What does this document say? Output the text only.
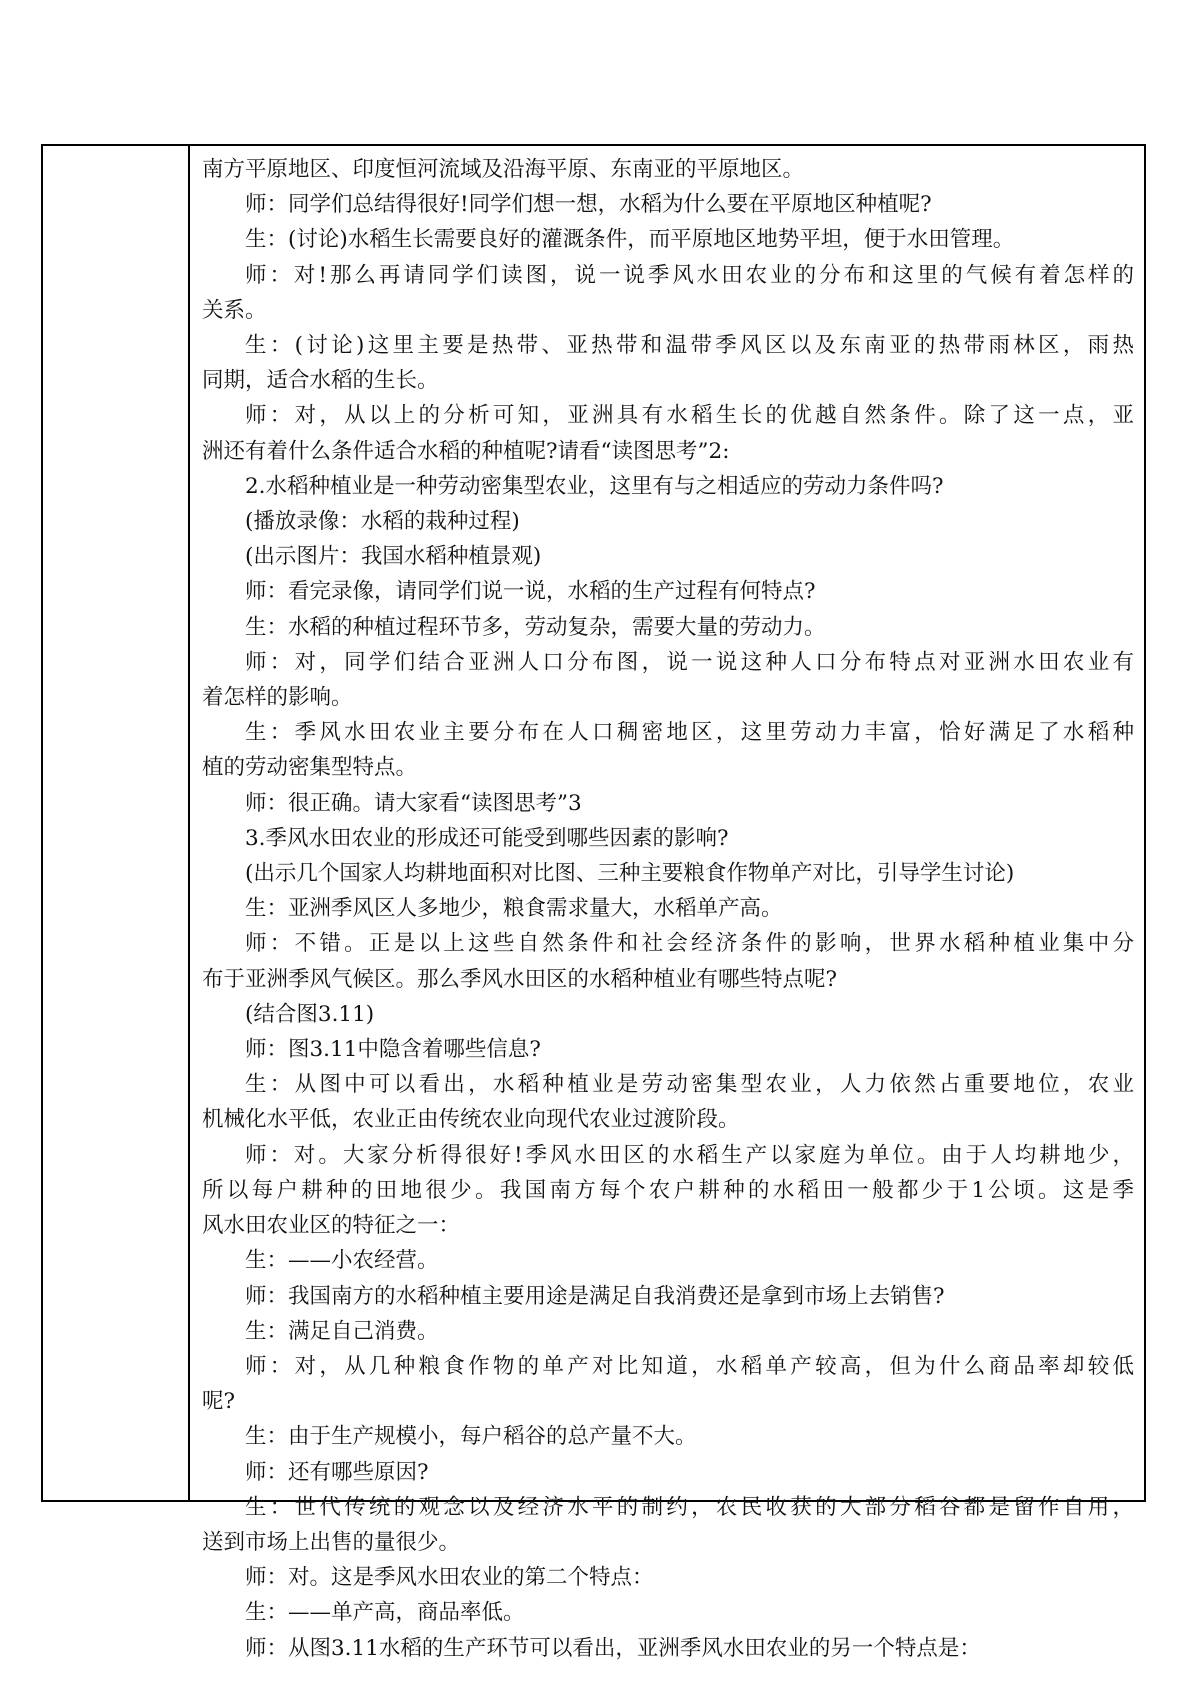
南方平原地区、印度恒河流域及沿海平原、东南亚的平原地区。

师：同学们总结得很好!同学们想一想，水稻为什么要在平原地区种植呢?

生：(讨论)水稻生长需要良好的灌溉条件，而平原地区地势平坦，便于水田管理。

师：对!那么再请同学们读图，说一说季风水田农业的分布和这里的气候有着怎样的

关系。

生：(讨论)这里主要是热带、亚热带和温带季风区以及东南亚的热带雨林区，雨热

同期，适合水稻的生长。

师：对，从以上的分析可知，亚洲具有水稻生长的优越自然条件。除了这一点，亚

洲还有着什么条件适合水稻的种植呢?请看“读图思考”2:

2.水稻种植业是一种劳动密集型农业，这里有与之相适应的劳动力条件吗?

(播放录像：水稻的栽种过程)

(出示图片：我国水稻种植景观)

师：看完录像，请同学们说一说，水稻的生产过程有何特点?

生：水稻的种植过程环节多，劳动复杂，需要大量的劳动力。

师：对，同学们结合亚洲人口分布图，说一说这种人口分布特点对亚洲水田农业有

着怎样的影响。

生：季风水田农业主要分布在人口稠密地区，这里劳动力丰富，恰好满足了水稻种

植的劳动密集型特点。

师：很正确。请大家看“读图思考”3

3.季风水田农业的形成还可能受到哪些因素的影响?

(出示几个国家人均耕地面积对比图、三种主要粮食作物单产对比，引导学生讨论)

生：亚洲季风区人多地少，粮食需求量大，水稻单产高。

师：不错。正是以上这些自然条件和社会经济条件的影响，世界水稻种植业集中分

布于亚洲季风气候区。那么季风水田区的水稻种植业有哪些特点呢?

(结合图3.11)

师：图3.11中隐含着哪些信息?

生：从图中可以看出，水稻种植业是劳动密集型农业，人力依然占重要地位，农业

机械化水平低，农业正由传统农业向现代农业过渡阶段。

师：对。大家分析得很好!季风水田区的水稻生产以家庭为单位。由于人均耕地少，

所以每户耕种的田地很少。我国南方每个农户耕种的水稻田一般都少于1公顷。这是季

风水田农业区的特征之一：

生：——小农经营。

师：我国南方的水稻种植主要用途是满足自我消费还是拿到市场上去销售?

生：满足自己消费。

师：对，从几种粮食作物的单产对比知道，水稻单产较高，但为什么商品率却较低

呢?

生：由于生产规模小，每户稻谷的总产量不大。

师：还有哪些原因?

生：世代传统的观念以及经济水平的制约，农民收获的大部分稻谷都是留作自用，

送到市场上出售的量很少。

师：对。这是季风水田农业的第二个特点：

生：——单产高，商品率低。

师：从图3.11水稻的生产环节可以看出，亚洲季风水田农业的另一个特点是：
